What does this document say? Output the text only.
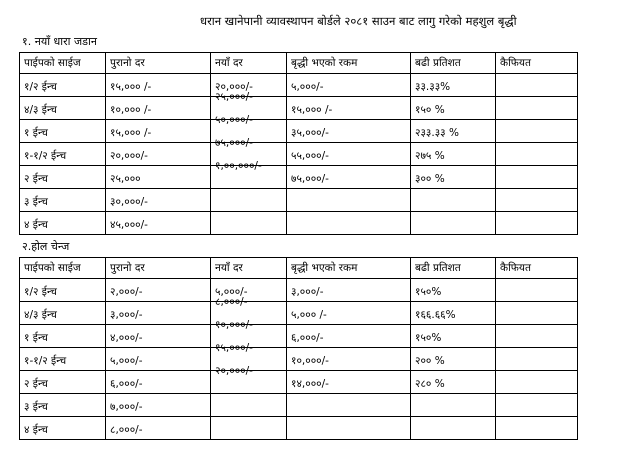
धरान खानेपानी व्यावस्थापन बोर्डले २०८१ साउन बाट लागु गरेको महशुल बृद्धी
१. नयाँ धारा जडान
पाईपको साईज	पुरानो दर	नयाँ दर	बृद्धी भएको रकम	बढी प्रतिशत	कैफियत

१/२ ईन्च	१५,००० /-	२०,०००/-	५,०००/-	३३.३३%	

४/३ ईन्च	१०,००० /-	२५,०००/-	१५,००० /-	१५० %	

१ ईन्च	१५,००० /-	५०,०००/-	३५,०००/-	२३३.३३ %	

१-१/२ ईन्च	२०,०००/-	७५,०००/-	५५,०००/-	२७५ %	

२ ईन्च	२५,०००	१,००,०००/-	७५,०००/-	३०० %	

३ ईन्च	३०,०००/-				

४ ईन्च	४५,०००/-				

२.होल चेन्ज
पाईपको साईज	पुरानो दर	नयाँ दर	बृद्धी भएको रकम	बढी प्रतिशत	कैफियत

१/२ ईन्च	२,०००/-	५,०००/-	३,०००/-	१५०%	

४/३ ईन्च	३,०००/-	८,०००/-	५,००० /-	१६६.६६%	

१ ईन्च	४,०००/-	१०,०००/-	६,०००/-	१५०%	

१-१/२ ईन्च	५,०००/-	१५,०००/-	१०,०००/-	२०० %	

२ ईन्च	६,०००/-	२०,०००/-	१४,०००/-	२८० %	

३ ईन्च	७,०००/-				

४ ईन्च	८,०००/-				
